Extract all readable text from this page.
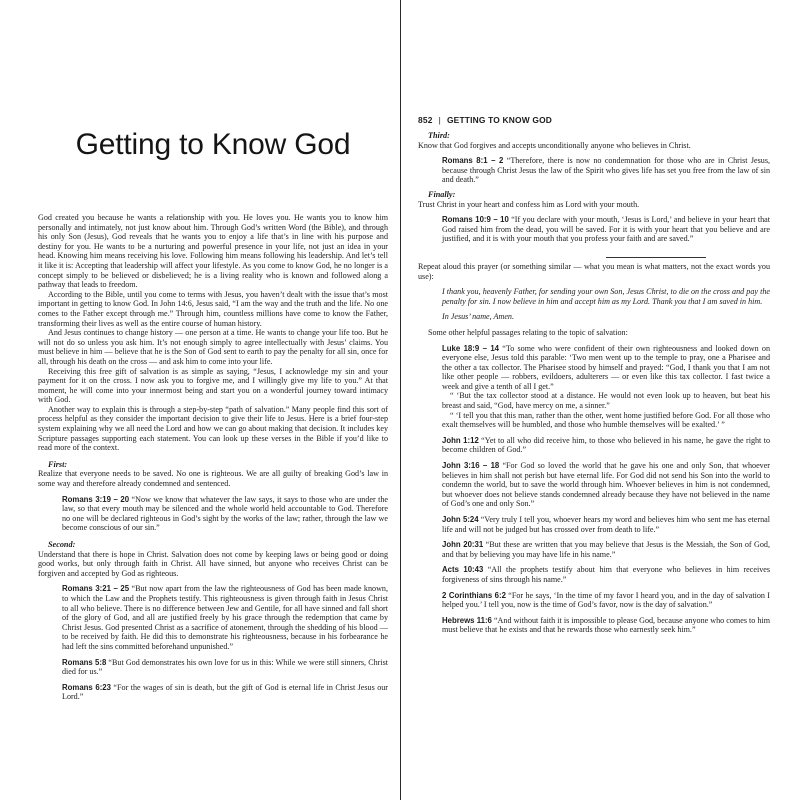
Getting to Know God

God created you because he wants a relationship with you. He loves you. He wants you to know him personally and intimately, not just know about him. Through God’s written Word (the Bible), and through his only Son (Jesus), God reveals that he wants you to enjoy a life that’s in line with his purpose and destiny for you. He wants to be a nurturing and powerful presence in your life, not just an idea in your head. Knowing him means receiving his love. Following him means following his leadership. And let’s tell it like it is: Accepting that leadership will affect your lifestyle. As you come to know God, he no longer is a concept simply to be believed or disbelieved; he is a living reality who is known and followed along a pathway that leads to freedom.

According to the Bible, until you come to terms with Jesus, you haven’t dealt with the issue that’s most important in getting to know God. In John 14:6, Jesus said, “I am the way and the truth and the life. No one comes to the Father except through me.” Through him, countless millions have come to know the Father, transforming their lives as well as the entire course of human history.

And Jesus continues to change history — one person at a time. He wants to change your life too. But he will not do so unless you ask him. It’s not enough simply to agree intellectually with Jesus’ claims. You must believe in him — believe that he is the Son of God sent to earth to pay the penalty for all sin, once for all, through his death on the cross — and ask him to come into your life.

Receiving this free gift of salvation is as simple as saying, “Jesus, I acknowledge my sin and your payment for it on the cross. I now ask you to forgive me, and I willingly give my life to you.” At that moment, he will come into your innermost being and start you on a wonderful journey toward intimacy with God.

Another way to explain this is through a step-by-step “path of salvation.” Many people find this sort of process helpful as they consider the important decision to give their life to Jesus. Here is a brief four-step system explaining why we all need the Lord and how we can go about making that decision. It includes key Scripture passages supporting each statement. You can look up these verses in the Bible if you’d like to read more of the context.

First:

Realize that everyone needs to be saved. No one is righteous. We are all guilty of breaking God’s law in some way and therefore already condemned and sentenced.

Romans 3:19 – 20 “Now we know that whatever the law says, it says to those who are under the law, so that every mouth may be silenced and the whole world held accountable to God. Therefore no one will be declared righteous in God’s sight by the works of the law; rather, through the law we become conscious of our sin.”

Second:

Understand that there is hope in Christ. Salvation does not come by keeping laws or being good or doing good works, but only through faith in Christ. All have sinned, but anyone who receives Christ can be forgiven and accepted by God as righteous.

Romans 3:21 – 25 “But now apart from the law the righteousness of God has been made known, to which the Law and the Prophets testify. This righteousness is given through faith in Jesus Christ to all who believe. There is no difference between Jew and Gentile, for all have sinned and fall short of the glory of God, and all are justified freely by his grace through the redemption that came by Christ Jesus. God presented Christ as a sacrifice of atonement, through the shedding of his blood — to be received by faith. He did this to demonstrate his righteousness, because in his forbearance he had left the sins committed beforehand unpunished.”

Romans 5:8 “But God demonstrates his own love for us in this: While we were still sinners, Christ died for us.”

Romans 6:23 “For the wages of sin is death, but the gift of God is eternal life in Christ Jesus our Lord.”

852 | GETTING TO KNOW GOD
Third:

Know that God forgives and accepts unconditionally anyone who believes in Christ.

Romans 8:1 – 2 “Therefore, there is now no condemnation for those who are in Christ Jesus, because through Christ Jesus the law of the Spirit who gives life has set you free from the law of sin and death.”

Finally:

Trust Christ in your heart and confess him as Lord with your mouth.

Romans 10:9 – 10 “If you declare with your mouth, ‘Jesus is Lord,’ and believe in your heart that God raised him from the dead, you will be saved. For it is with your heart that you believe and are justified, and it is with your mouth that you profess your faith and are saved.”

Repeat aloud this prayer (or something similar — what you mean is what matters, not the exact words you use):

I thank you, heavenly Father, for sending your own Son, Jesus Christ, to die on the cross and pay the penalty for sin. I now believe in him and accept him as my Lord. Thank you that I am saved in him.

In Jesus’ name, Amen.

Some other helpful passages relating to the topic of salvation:

Luke 18:9 – 14 “To some who were confident of their own righteousness and looked down on everyone else, Jesus told this parable: ‘Two men went up to the temple to pray, one a Pharisee and the other a tax collector. The Pharisee stood by himself and prayed: “God, I thank you that I am not like other people — robbers, evildoers, adulterers — or even like this tax collector. I fast twice a week and give a tenth of all I get.”

“ ‘But the tax collector stood at a distance. He would not even look up to heaven, but beat his breast and said, “God, have mercy on me, a sinner.”

“ ‘I tell you that this man, rather than the other, went home justified before God. For all those who exalt themselves will be humbled, and those who humble themselves will be exalted.’ ”

John 1:12 “Yet to all who did receive him, to those who believed in his name, he gave the right to become children of God.”

John 3:16 – 18 “For God so loved the world that he gave his one and only Son, that whoever believes in him shall not perish but have eternal life. For God did not send his Son into the world to condemn the world, but to save the world through him. Whoever believes in him is not condemned, but whoever does not believe stands condemned already because they have not believed in the name of God’s one and only Son.”

John 5:24 “Very truly I tell you, whoever hears my word and believes him who sent me has eternal life and will not be judged but has crossed over from death to life.”

John 20:31 “But these are written that you may believe that Jesus is the Messiah, the Son of God, and that by believing you may have life in his name.”

Acts 10:43 “All the prophets testify about him that everyone who believes in him receives forgiveness of sins through his name.”

2 Corinthians 6:2 “For he says, ‘In the time of my favor I heard you, and in the day of salvation I helped you.’ I tell you, now is the time of God’s favor, now is the day of salvation.”

Hebrews 11:6 “And without faith it is impossible to please God, because anyone who comes to him must believe that he exists and that he rewards those who earnestly seek him.”
